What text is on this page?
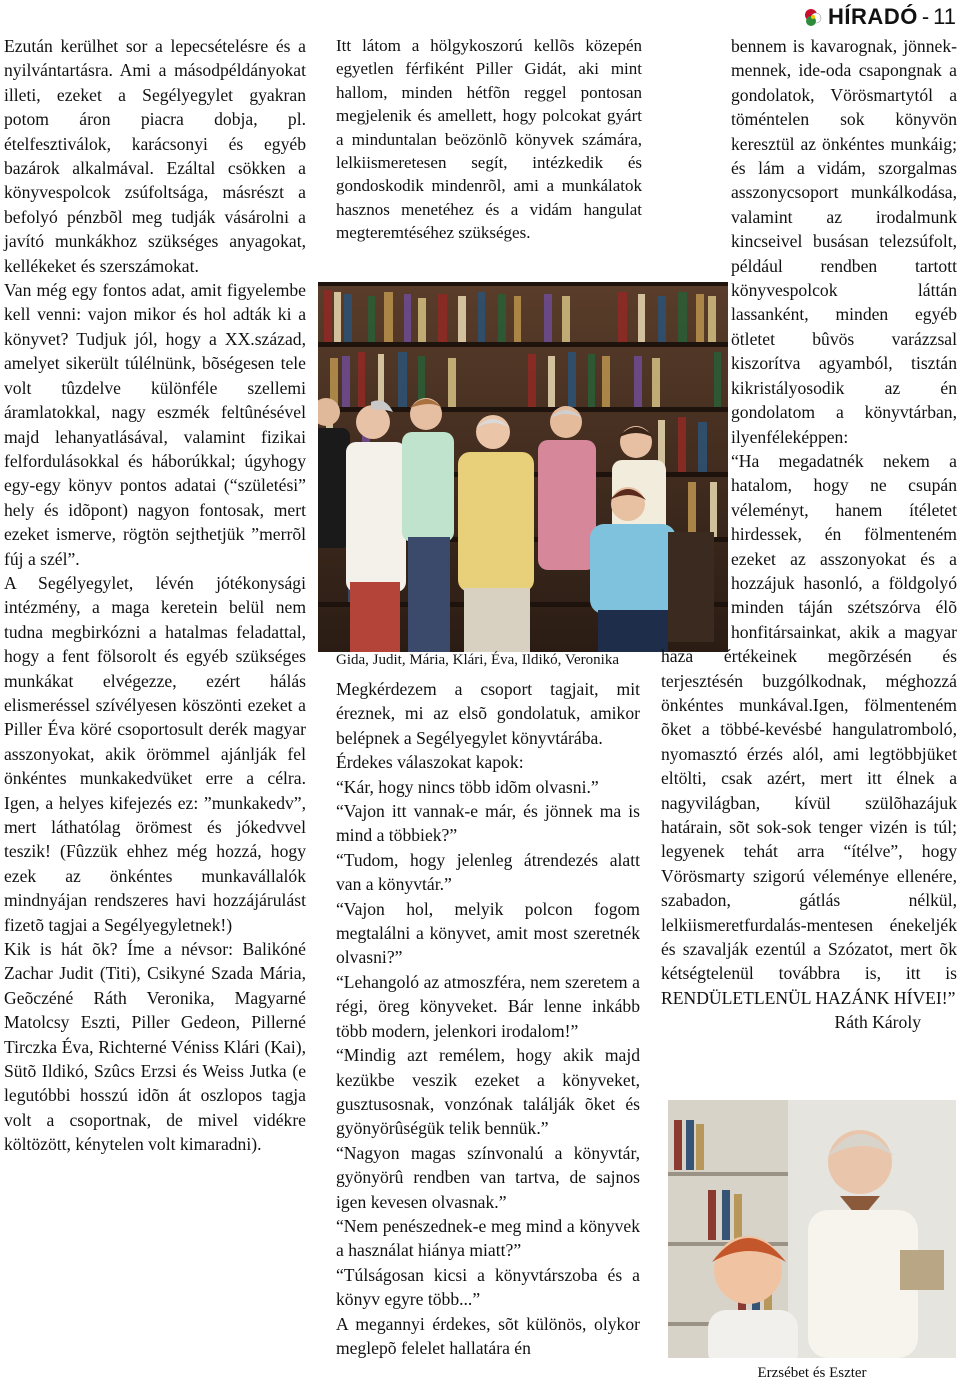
HÍRADÓ - 11

Ezután kerülhet sor a lepecsételésre és a nyilvántartásra. Ami a másodpéldányokat illeti, ezeket a Segélyegylet gyakran potom áron piacra dobja, pl. ételfesztiválok, karácsonyi és egyéb bazárok alkalmával. Ezáltal csökken a könyvespolcok zsúfoltsága, másrészt a befolyó pénzbõl meg tudják vásárolni a javító munkákhoz szükséges anyagokat, kellékeket és szerszámokat.

Van még egy fontos adat, amit figyelembe kell venni: vajon mikor és hol adták ki a könyvet? Tudjuk jól, hogy a XX.század, amelyet sikerült túlélnünk, bõségesen tele volt tûzdelve különféle szellemi áramlatokkal, nagy eszmék feltûnésével majd lehanyatlásával, valamint fizikai felfordulásokkal és háborúkkal; úgyhogy egy-egy könyv pontos adatai (“születési” hely és idõpont) nagyon fontosak, mert ezeket ismerve, rögtön sejthetjük ”merrõl fúj a szél”.

A Segélyegylet, lévén jótékonysági intézmény, a maga keretein belül nem tudna megbirkózni a hatalmas feladattal, hogy a fent fölsorolt és egyéb szükséges munkákat elvégezze, ezért hálás elismeréssel szívélyesen köszönti ezeket a Piller Éva köré csoportosult derék magyar asszonyokat, akik örömmel ajánlják fel önkéntes munkakedvüket erre a célra. Igen, a helyes kifejezés ez: ”munkakedv”, mert láthatólag örömest és jókedvvel teszik! (Fûzzük ehhez még hozzá, hogy ezek az önkéntes munkavállalók mindnyájan rendszeres havi hozzájárulást fizetõ tagjai a Segélyegyletnek!)

Kik is hát õk? Íme a névsor: Balikóné Zachar Judit (Titi), Csikyné Szada Mária, Geõczéné Ráth Veronika, Magyarné Matolcsy Eszti, Piller Gedeon, Pillerné Tirczka Éva, Richterné Véniss Klári (Kai), Sütõ Ildikó, Szûcs Erzsi és Weiss Jutka (e legutóbbi hosszú idõn át oszlopos tagja volt a csoportnak, de mivel vidékre költözött, kénytelen volt kimaradni).

Itt látom a hölgykoszorú kellõs közepén egyetlen férfiként Piller Gidát, aki mint hallom, minden hétfõn reggel pontosan megjelenik és amellett, hogy polcokat gyárt a minduntalan beözönlõ könyvek számára, lelkiismeretesen segít, intézkedik és gondoskodik mindenrõl, ami a munkálatok hasznos menetéhez és a vidám hangulat megteremtéséhez szükséges.

Gida, Judit, Mária, Klári, Éva, Ildikó, Veronika

Megkérdezem a csoport tagjait, mit éreznek, mi az elsõ gondolatuk, amikor belépnek a Segélyegylet könyvtárába.

Érdekes válaszokat kapok:

“Kár, hogy nincs több idõm olvasni.”

“Vajon itt vannak-e már, és jönnek ma is mind a többiek?”

“Tudom, hogy jelenleg átrendezés alatt van a könyvtár.”

“Vajon hol, melyik polcon fogom megtalálni a könyvet, amit most szeretnék olvasni?”

“Lehangoló az atmoszféra, nem szeretem a régi, öreg könyveket. Bár lenne inkább több modern, jelenkori irodalom!”

“Mindig azt remélem, hogy akik majd kezükbe veszik ezeket a könyveket, gusztusosnak, vonzónak találják õket és gyönyörûségük telik bennük.”

“Nagyon magas színvonalú a könyvtár, gyönyörû rendben van tartva, de sajnos igen kevesen olvasnak.”

“Nem penészednek-e meg mind a könyvek a használat hiánya miatt?”

“Túlságosan kicsi a könyvtárszoba és a könyv egyre több...”

A megannyi érdekes, sõt különös, olykor meglepõ felelet hallatára én

bennem is kavarognak, jönnek-mennek, ide-oda csapongnak a gondolatok, Vörösmartytól a töméntelen sok könyvön keresztül az önkéntes munkáig; és lám a vidám, szorgalmas asszonycsoport munkálkodása, valamint az irodalmunk kincseivel busásan telezsúfolt, például rendben tartott könyvespolcok láttán lassanként, minden egyéb ötletet bûvös varázzsal kiszorítva agyamból, tisztán kikristályosodik az én gondolatom a könyvtárban, ilyenféleképpen:

“Ha megadatnék nekem a hatalom, hogy ne csupán véleményt, hanem ítéletet hirdessek, én fölmenteném ezeket az asszonyokat és a hozzájuk hasonló, a földgolyó minden táján szétszórva élõ honfitársainkat, akik a magyar haza értékeinek megõrzésén és terjesztésén buzgólkodnak, méghozzá önkéntes munkával.Igen, fölmenteném õket a többé-kevésbé hangulatromboló, nyomasztó érzés alól, ami legtöbbjüket eltölti, csak azért, mert itt élnek a nagyvilágban, kívül szülõhazájuk határain, sõt sok-sok tenger vizén is túl; legyenek tehát arra “ítélve”, hogy Vörösmarty szigorú véleménye ellenére, szabadon, gátlás nélkül, lelkiismeretfurdalás-mentesen énekeljék és szavalják ezentúl a Szózatot, mert õk kétségtelenül továbbra is, itt is RENDÜLETLENÜL HAZÁNK HÍVEI!”

Ráth Károly

Erzsébet és Eszter
